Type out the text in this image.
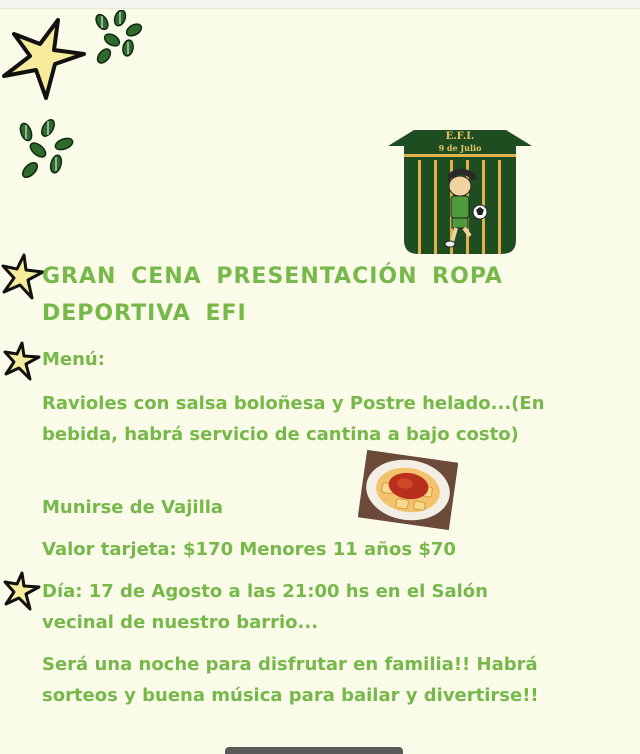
E.F.I.
9 de Julio
GRAN CENA PRESENTACIÓN ROPA DEPORTIVA EFI
Menú:
Ravioles con salsa boloñesa y Postre helado...(En bebida, habrá servicio de cantina a bajo costo)
Munirse de Vajilla
Valor tarjeta: $170 Menores 11 años $70
Día: 17 de Agosto a las 21:00 hs en el Salón vecinal de nuestro barrio...
Será una noche para disfrutar en familia!! Habrá sorteos y buena música para bailar y divertirse!!
